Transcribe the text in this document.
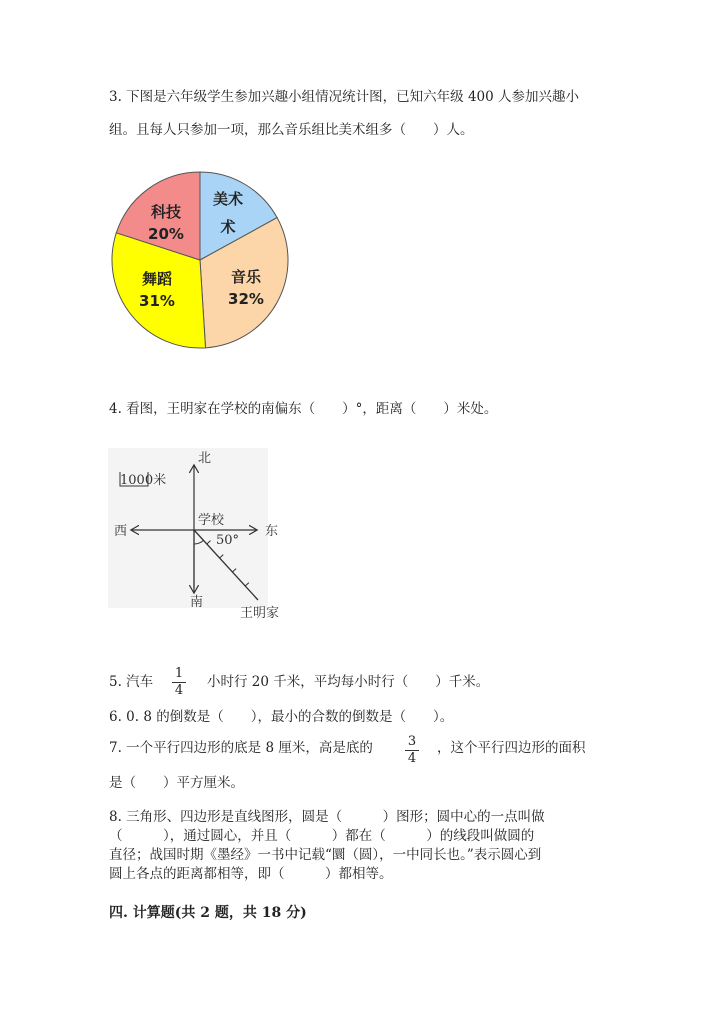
3. 下图是六年级学生参加兴趣小组情况统计图，已知六年级 400 人参加兴趣小
组。且每人只参加一项，那么音乐组比美术组多（　　）人。
美术
术
音乐
32%
舞蹈
31%
科技
20%
4. 看图，王明家在学校的南偏东（　　）°，距离（　　）米处。
1000米
北
南
西	东
学校
50°
王明家
5. 汽车
1
4
小时行 20 千米，平均每小时行（　　）千米。
6. 0. 8 的倒数是（　　），最小的合数的倒数是（　　）。
7. 一个平行四边形的底是 8 厘米，高是底的	3
4
，这个平行四边形的面积
是（　　）平方厘米。
8. 三角形、四边形是直线图形，圆是（　　　）图形；圆中心的一点叫做
（　　　），通过圆心，并且（　　　）都在（　　　）的线段叫做圆的
直径；战国时期《墨经》一书中记载“圜（圆），一中同长也。”表示圆心到
圆上各点的距离都相等，即（　　　）都相等。
四. 计算题(共 2 题，共 18 分)
